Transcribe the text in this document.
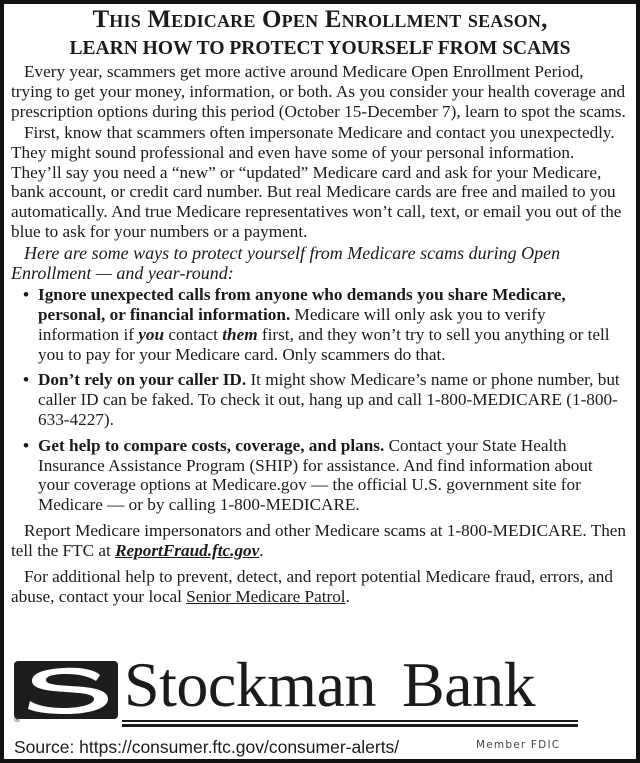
This Medicare Open Enrollment season,
LEARN HOW TO PROTECT YOURSELF FROM SCAMS

Every year, scammers get more active around Medicare Open Enrollment Period, trying to get your money, information, or both. As you consider your health coverage and prescription options during this period (October 15-December 7), learn to spot the scams.

First, know that scammers often impersonate Medicare and contact you unexpectedly. They might sound professional and even have some of your personal information. They’ll say you need a “new” or “updated” Medicare card and ask for your Medicare, bank account, or credit card number. But real Medicare cards are free and mailed to you automatically. And true Medicare representatives won’t call, text, or email you out of the blue to ask for your numbers or a payment.

Here are some ways to protect yourself from Medicare scams during Open Enrollment — and year-round:

• Ignore unexpected calls from anyone who demands you share Medicare, personal, or financial information. Medicare will only ask you to verify information if you contact them first, and they won’t try to sell you anything or tell you to pay for your Medicare card. Only scammers do that.
• Don’t rely on your caller ID. It might show Medicare’s name or phone number, but caller ID can be faked. To check it out, hang up and call 1-800-MEDICARE (1-800-633-4227).
• Get help to compare costs, coverage, and plans. Contact your State Health Insurance Assistance Program (SHIP) for assistance. And find information about your coverage options at Medicare.gov — the official U.S. government site for Medicare — or by calling 1-800-MEDICARE.

Report Medicare impersonators and other Medicare scams at 1-800-MEDICARE. Then tell the FTC at ReportFraud.ftc.gov.

For additional help to prevent, detect, and report potential Medicare fraud, errors, and abuse, contact your local Senior Medicare Patrol.

® Stockman Bank
Source: https://consumer.ftc.gov/consumer-alerts/	Member FDIC
